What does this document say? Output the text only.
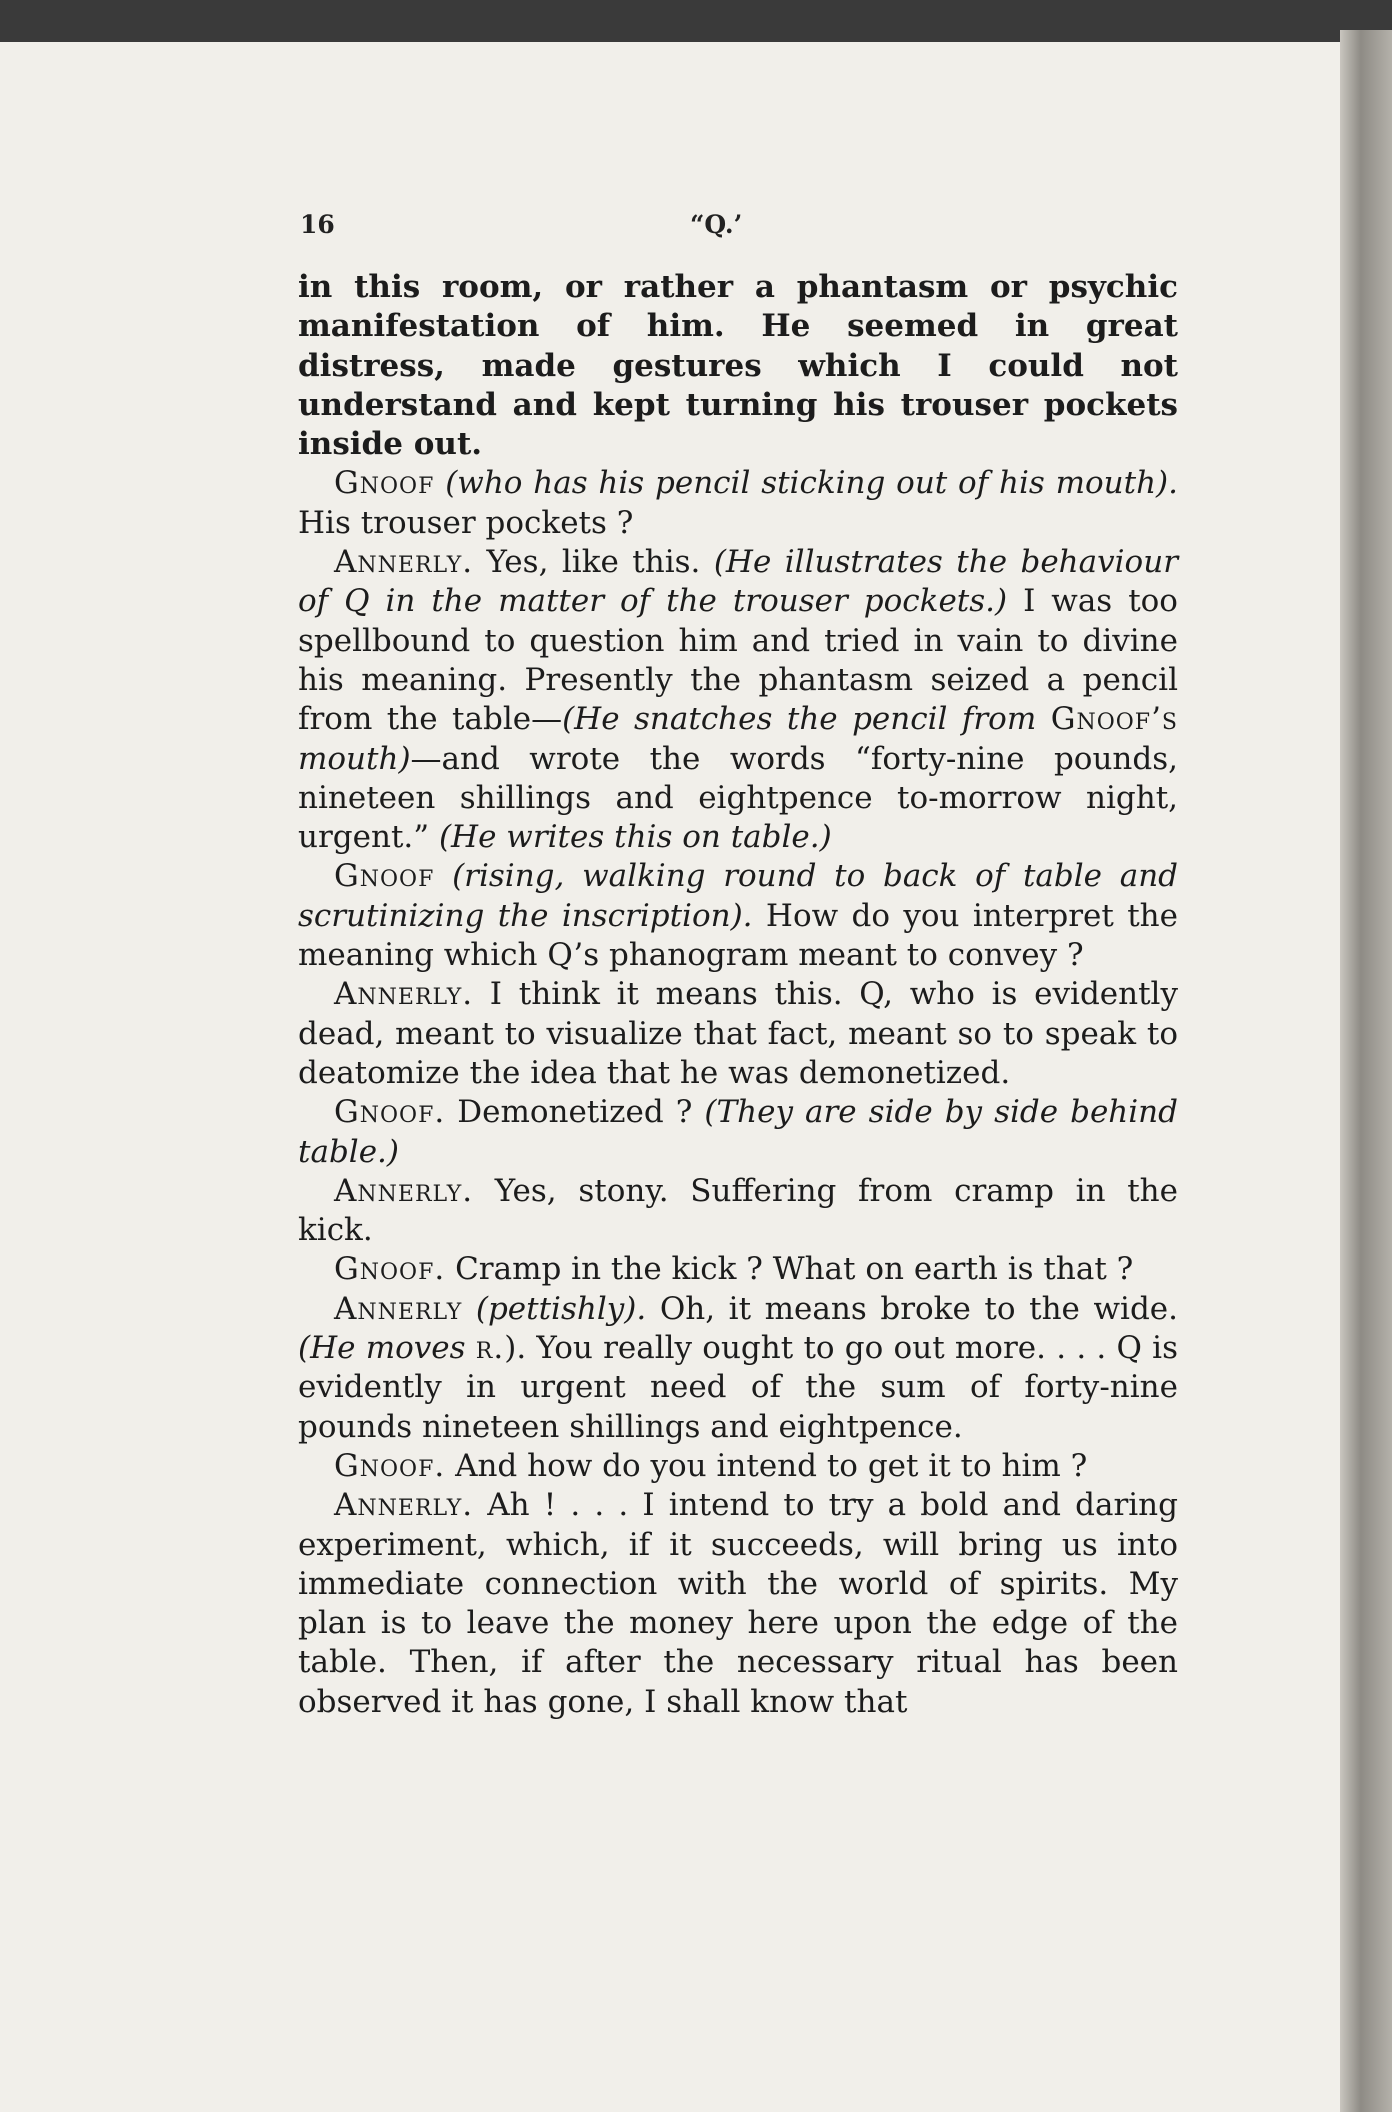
16	“Q.’

in this room, or rather a phantasm or psychic manifestation of him. He seemed in great distress, made gestures which I could not understand and kept turning his trouser pockets inside out.

Gnoof (who has his pencil sticking out of his mouth). His trouser pockets ?

Annerly. Yes, like this. (He illustrates the behaviour of Q in the matter of the trouser pockets.) I was too spellbound to question him and tried in vain to divine his meaning. Presently the phantasm seized a pencil from the table—(He snatches the pencil from Gnoof’s mouth)—and wrote the words “forty-nine pounds, nineteen shillings and eightpence to-morrow night, urgent.” (He writes this on table.)

Gnoof (rising, walking round to back of table and scrutinizing the inscription). How do you interpret the meaning which Q’s phanogram meant to convey ?

Annerly. I think it means this. Q, who is evidently dead, meant to visualize that fact, meant so to speak to deatomize the idea that he was demonetized.

Gnoof. Demonetized ? (They are side by side behind table.)

Annerly. Yes, stony. Suffering from cramp in the kick.

Gnoof. Cramp in the kick ? What on earth is that ?

Annerly (pettishly). Oh, it means broke to the wide. (He moves r.). You really ought to go out more. . . . Q is evidently in urgent need of the sum of forty-nine pounds nineteen shillings and eightpence.

Gnoof. And how do you intend to get it to him ?

Annerly. Ah ! . . . I intend to try a bold and daring experiment, which, if it succeeds, will bring us into immediate connection with the world of spirits. My plan is to leave the money here upon the edge of the table. Then, if after the necessary ritual has been observed it has gone, I shall know that
